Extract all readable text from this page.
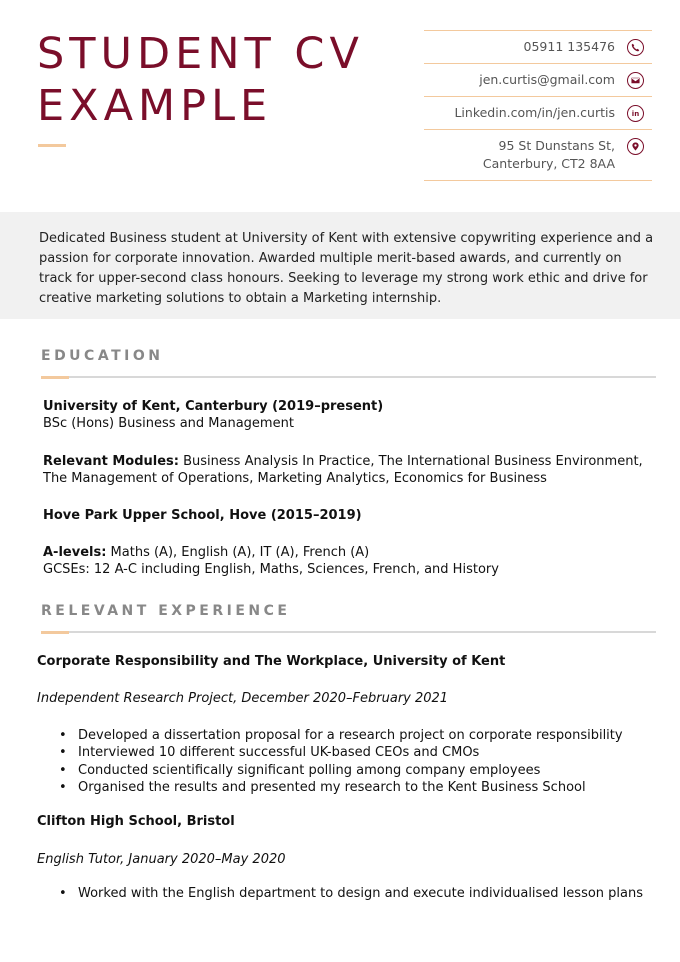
STUDENT CV
EXAMPLE
05911 135476
jen.curtis@gmail.com
Linkedin.com/in/jen.curtis in
95 St Dunstans St,
Canterbury, CT2 8AA

Dedicated Business student at University of Kent with extensive copywriting experience and a passion for corporate innovation. Awarded multiple merit-based awards, and currently on track for upper-second class honours. Seeking to leverage my strong work ethic and drive for creative marketing solutions to obtain a Marketing internship.

EDUCATION
University of Kent, Canterbury (2019–present)
BSc (Hons) Business and Management
Relevant Modules: Business Analysis In Practice, The International Business Environment,
The Management of Operations, Marketing Analytics, Economics for Business
Hove Park Upper School, Hove (2015–2019)
A-levels: Maths (A), English (A), IT (A), French (A)
GCSEs: 12 A-C including English, Maths, Sciences, French, and History
RELEVANT EXPERIENCE
Corporate Responsibility and The Workplace, University of Kent
Independent Research Project, December 2020–February 2021
• Developed a dissertation proposal for a research project on corporate responsibility
• Interviewed 10 different successful UK-based CEOs and CMOs
• Conducted scientifically significant polling among company employees
• Organised the results and presented my research to the Kent Business School
Clifton High School, Bristol
English Tutor, January 2020–May 2020
• Worked with the English department to design and execute individualised lesson plans
